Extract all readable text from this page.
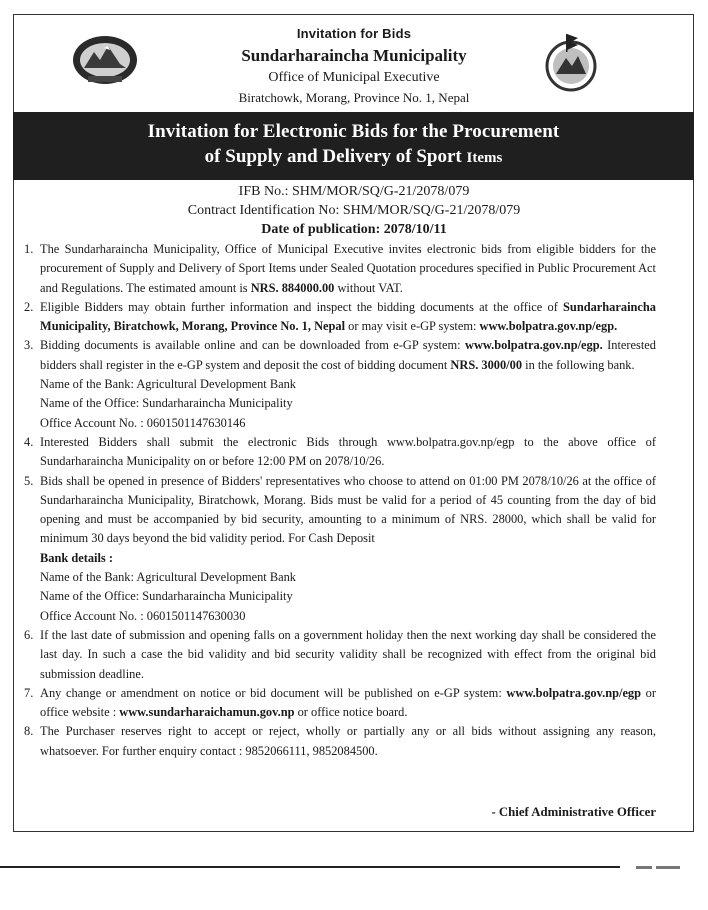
Invitation for Bids
Sundarharaincha Municipality
Office of Municipal Executive
Biratchowk, Morang, Province No. 1, Nepal
Invitation for Electronic Bids for the Procurement
of Supply and Delivery of Sport Items
IFB No.: SHM/MOR/SQ/G-21/2078/079
Contract Identification No: SHM/MOR/SQ/G-21/2078/079
Date of publication: 2078/10/11
1. The Sundarharaincha Municipality, Office of Municipal Executive invites electronic bids from eligible bidders for the procurement of Supply and Delivery of Sport Items under Sealed Quotation procedures specified in Public Procurement Act and Regulations. The estimated amount is NRS. 884000.00 without VAT.
2. Eligible Bidders may obtain further information and inspect the bidding documents at the office of Sundarharaincha Municipality, Biratchowk, Morang, Province No. 1, Nepal or may visit e-GP system: www.bolpatra.gov.np/egp.
3. Bidding documents is available online and can be downloaded from e-GP system: www.bolpatra.gov.np/egp. Interested bidders shall register in the e-GP system and deposit the cost of bidding document NRS. 3000/00 in the following bank.
Name of the Bank: Agricultural Development Bank
Name of the Office: Sundarharaincha Municipality
Office Account No. : 0601501147630146
4. Interested Bidders shall submit the electronic Bids through www.bolpatra.gov.np/egp to the above office of Sundarharaincha Municipality on or before 12:00 PM on 2078/10/26.
5. Bids shall be opened in presence of Bidders' representatives who choose to attend on 01:00 PM 2078/10/26 at the office of Sundarharaincha Municipality, Biratchowk, Morang. Bids must be valid for a period of 45 counting from the day of bid opening and must be accompanied by bid security, amounting to a minimum of NRS. 28000, which shall be valid for minimum 30 days beyond the bid validity period. For Cash Deposit
Bank details :
Name of the Bank: Agricultural Development Bank
Name of the Office: Sundarharaincha Municipality
Office Account No. : 0601501147630030
6. If the last date of submission and opening falls on a government holiday then the next working day shall be considered the last day. In such a case the bid validity and bid security validity shall be recognized with effect from the original bid submission deadline.
7. Any change or amendment on notice or bid document will be published on e-GP system: www.bolpatra.gov.np/egp or office website : www.sundarharaichamun.gov.np or office notice board.
8. The Purchaser reserves right to accept or reject, wholly or partially any or all bids without assigning any reason, whatsoever. For further enquiry contact : 9852066111, 9852084500.
- Chief Administrative Officer
